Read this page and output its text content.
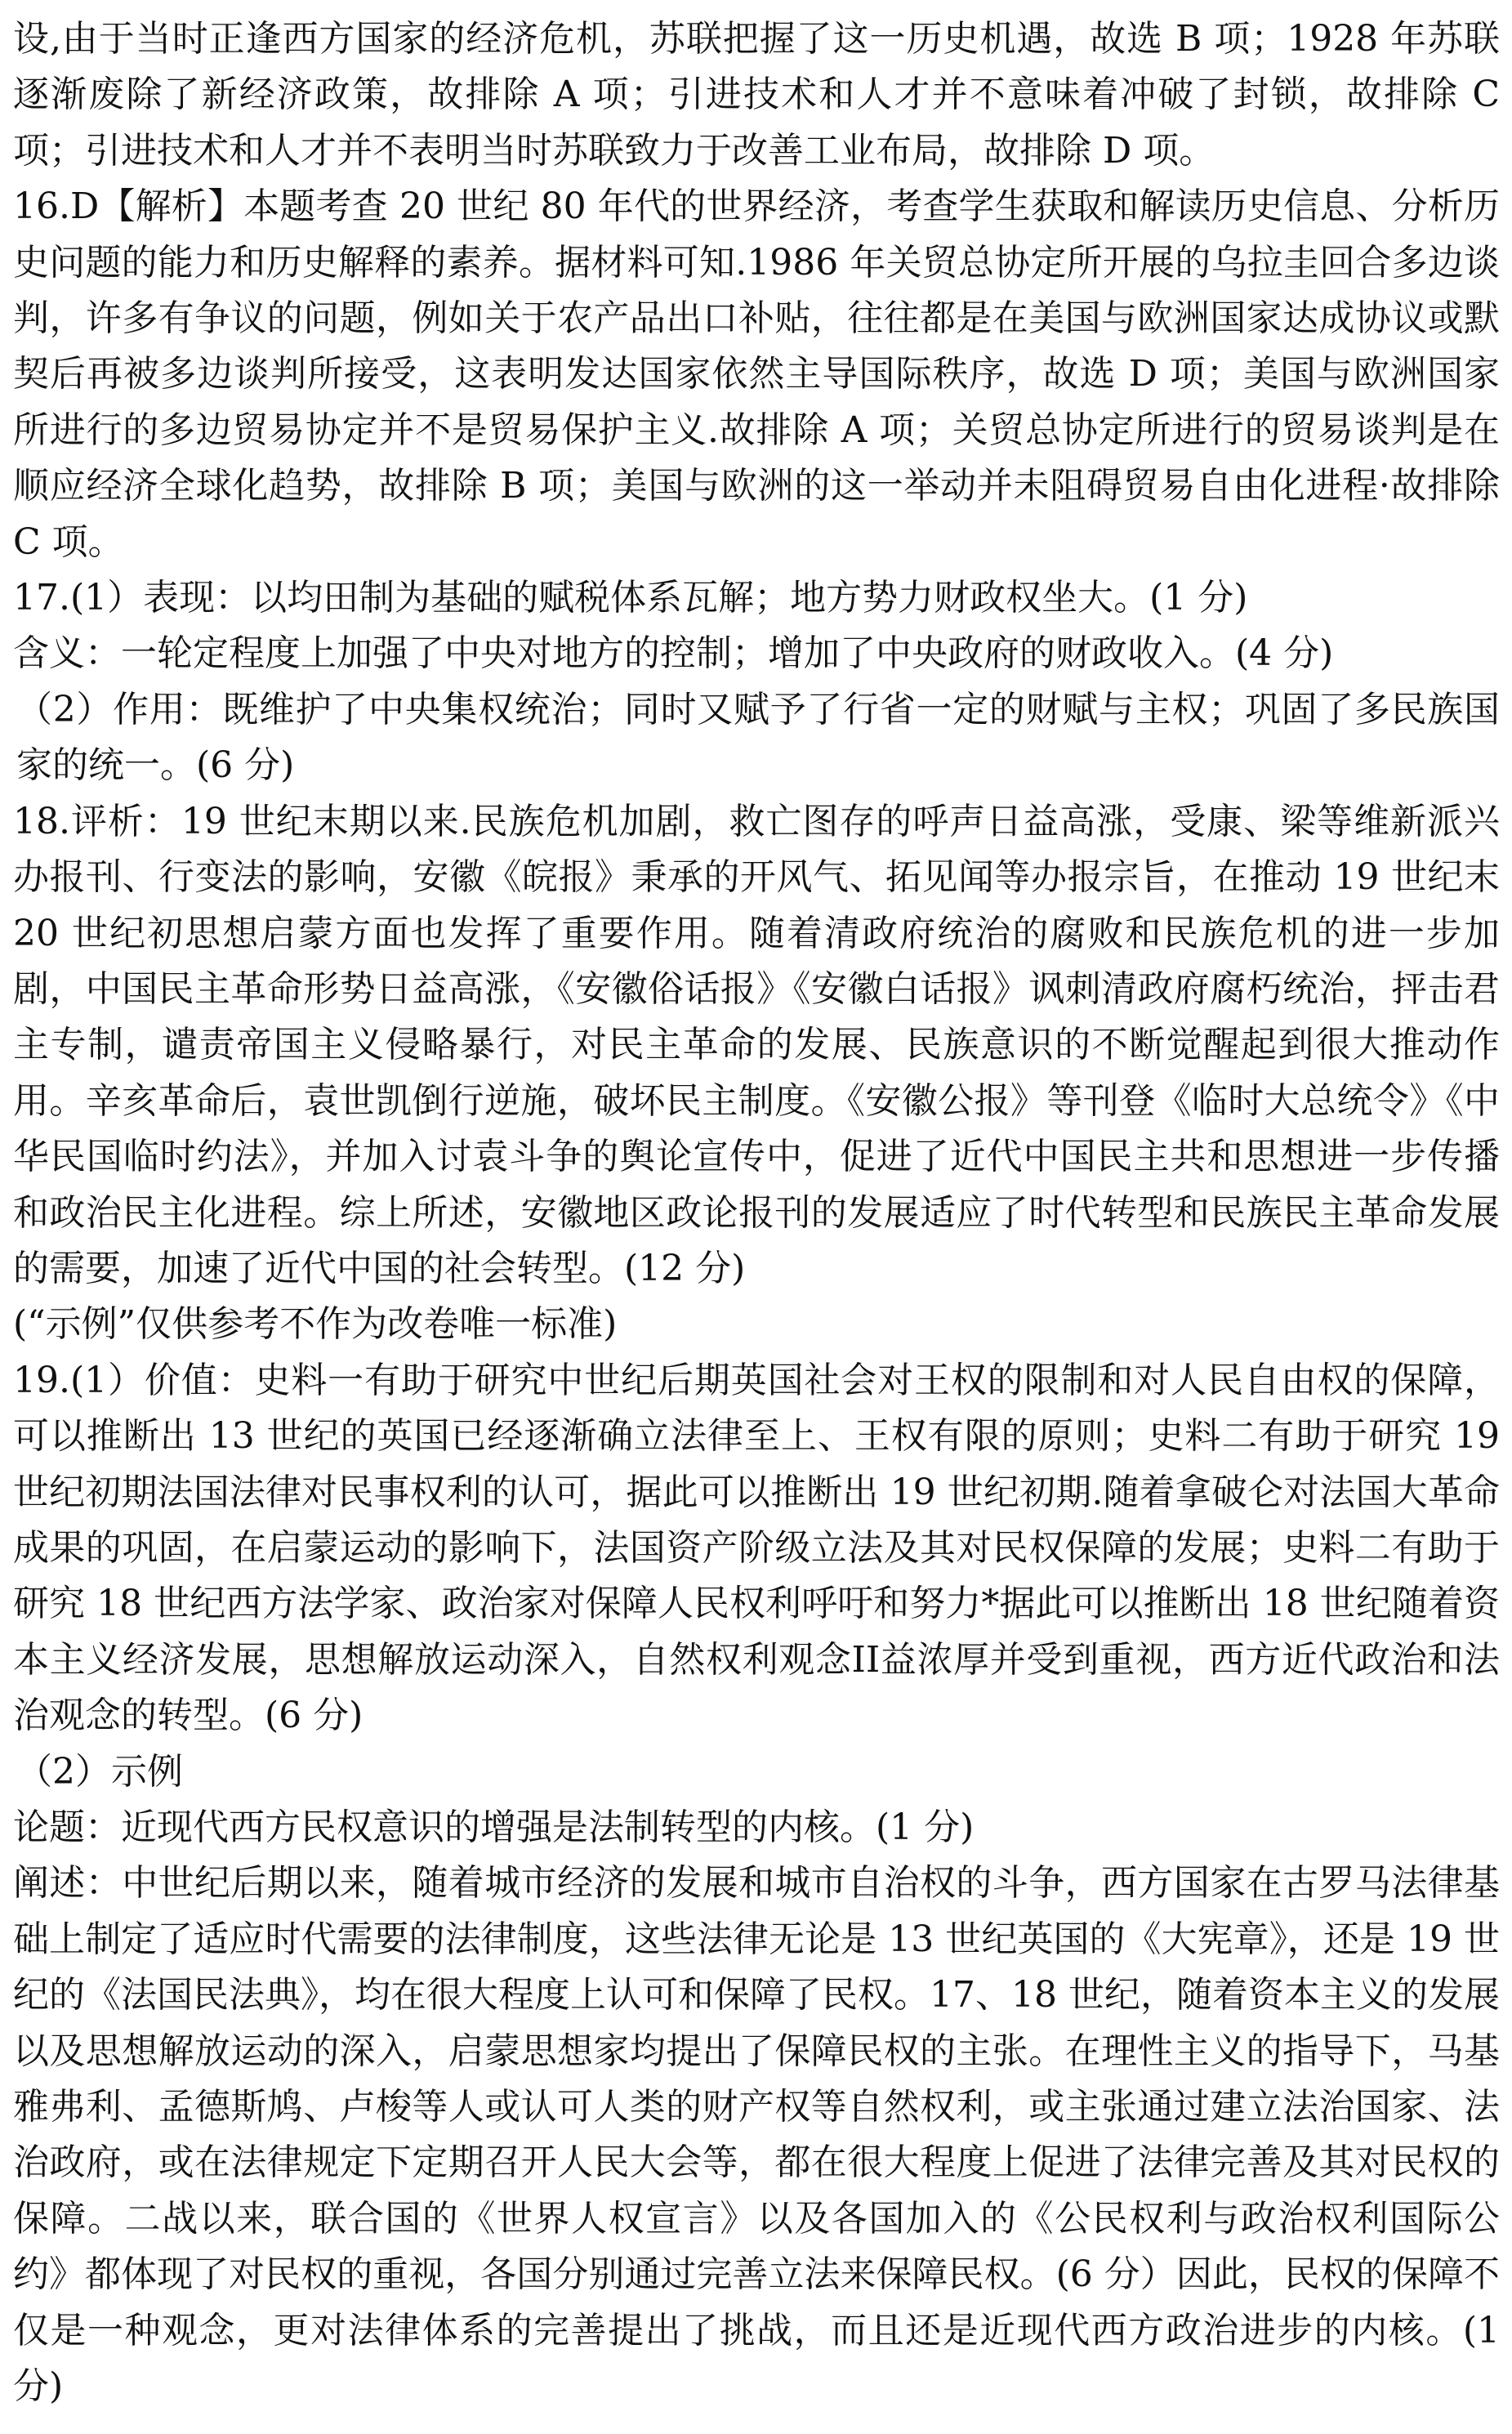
设,由于当时正逢西方国家的经济危机，苏联把握了这一历史机遇，故选 B 项；1928 年苏联逐渐废除了新经济政策，故排除 A 项；引进技术和人才并不意味着冲破了封锁，故排除 C 项；引进技术和人才并不表明当时苏联致力于改善工业布局，故排除 D 项。

16.D【解析】本题考查 20 世纪 80 年代的世界经济，考查学生获取和解读历史信息、分析历史问题的能力和历史解释的素养。据材料可知.1986 年关贸总协定所开展的乌拉圭回合多边谈判，许多有争议的问题，例如关于农产品出口补贴，往往都是在美国与欧洲国家达成协议或默契后再被多边谈判所接受，这表明发达国家依然主导国际秩序，故选 D 项；美国与欧洲国家所进行的多边贸易协定并不是贸易保护主义.故排除 A 项；关贸总协定所进行的贸易谈判是在顺应经济全球化趋势，故排除 B 项；美国与欧洲的这一举动并未阻碍贸易自由化进程·故排除 C 项。

17.(1）表现：以均田制为基础的赋税体系瓦解；地方势力财政权坐大。(1 分)

含义：一轮定程度上加强了中央对地方的控制；增加了中央政府的财政收入。(4 分)

（2）作用：既维护了中央集权统治；同时又赋予了行省一定的财赋与主权；巩固了多民族国家的统一。(6 分)

18.评析：19 世纪末期以来.民族危机加剧，救亡图存的呼声日益高涨，受康、梁等维新派兴办报刊、行变法的影响，安徽《皖报》秉承的开风气、拓见闻等办报宗旨，在推动 19 世纪末 20 世纪初思想启蒙方面也发挥了重要作用。随着清政府统治的腐败和民族危机的进一步加剧，中国民主革命形势日益高涨，《安徽俗话报》《安徽白话报》讽刺清政府腐朽统治，抨击君主专制，谴责帝国主义侵略暴行，对民主革命的发展、民族意识的不断觉醒起到很大推动作用。辛亥革命后，袁世凯倒行逆施，破坏民主制度。《安徽公报》等刊登《临时大总统令》《中华民国临时约法》，并加入讨袁斗争的舆论宣传中，促进了近代中国民主共和思想进一步传播和政治民主化进程。综上所述，安徽地区政论报刊的发展适应了时代转型和民族民主革命发展的需要，加速了近代中国的社会转型。(12 分)

(“示例”仅供参考不作为改卷唯一标准)

19.(1）价值：史料一有助于研究中世纪后期英国社会对王权的限制和对人民自由权的保障，可以推断出 13 世纪的英国已经逐渐确立法律至上、王权有限的原则；史料二有助于研究 19 世纪初期法国法律对民事权利的认可，据此可以推断出 19 世纪初期.随着拿破仑对法国大革命成果的巩固，在启蒙运动的影响下，法国资产阶级立法及其对民权保障的发展；史料二有助于研究 18 世纪西方法学家、政治家对保障人民权利呼吁和努力*据此可以推断出 18 世纪随着资本主义经济发展，思想解放运动深入，自然权利观念II益浓厚并受到重视，西方近代政治和法治观念的转型。(6 分)

（2）示例

论题：近现代西方民权意识的增强是法制转型的内核。(1 分)

阐述：中世纪后期以来，随着城市经济的发展和城市自治权的斗争，西方国家在古罗马法律基础上制定了适应时代需要的法律制度，这些法律无论是 13 世纪英国的《大宪章》，还是 19 世纪的《法国民法典》，均在很大程度上认可和保障了民权。17、18 世纪，随着资本主义的发展以及思想解放运动的深入，启蒙思想家均提出了保障民权的主张。在理性主义的指导下，马基雅弗利、孟德斯鸠、卢梭等人或认可人类的财产权等自然权利，或主张通过建立法治国家、法治政府，或在法律规定下定期召开人民大会等，都在很大程度上促进了法律完善及其对民权的保障。二战以来，联合国的《世界人权宣言》以及各国加入的《公民权利与政治权利国际公约》都体现了对民权的重视，各国分别通过完善立法来保障民权。(6 分）因此，民权的保障不仅是一种观念，更对法律体系的完善提出了挑战，而且还是近现代西方政治进步的内核。(1 分)
